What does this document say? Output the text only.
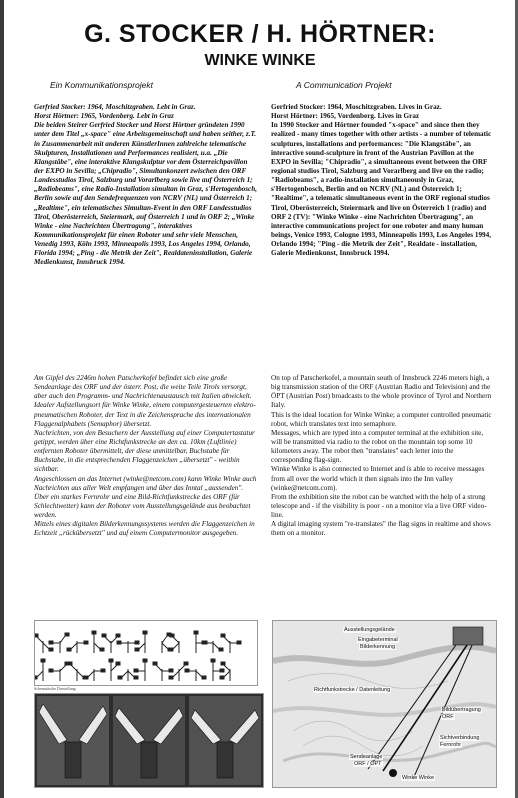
G. STOCKER / H. HÖRTNER:
WINKE WINKE
Ein Kommunikationsprojekt	A Communication Projekt

Gerfried Stocker: 1964, Moschitzgraben. Lebt in Graz.

Horst Hörtner: 1965, Vordenberg. Lebt in Graz

Die beiden Steirer Gerfried Stocker und Horst Hörtner gründeten 1990 unter dem Titel „x-space" eine Arbeitsgemeinschaft und haben seither, z.T. in Zusammenarbeit mit anderen KünstlerInnen zahlreiche telematische Skulpturen, Installationen und Performances realisiert, u.a. „Die Klangstäbe", eine interaktive Klangskulptur vor dem Österreichpavillon der EXPO in Sevilla; „Chipradio", Simultankonzert zwischen den ORF Landesstudios Tirol, Salzburg und Vorarlberg sowie live auf Österreich 1; „Radiobeams", eine Radio-Installation simultan in Graz, s'Hertogenbosch, Berlin sowie auf den Sendefrequenzen von NCRV (NL) und Österreich 1; „Realtime", ein telematisches Simultan-Event in den ORF Landesstudios Tirol, Oberösterreich, Steiermark, auf Österreich 1 und in ORF 2; „Winke Winke - eine Nachrichten Übertragung", interaktives Kommunikationsprojekt für einen Roboter und sehr viele Menschen, Venedig 1993, Köln 1993, Minneapolis 1993, Los Angeles 1994, Orlando, Florida 1994; „Ping - die Metrik der Zeit", Realdateninstallation, Galerie Medienkunst, Innsbruck 1994.

Gerfried Stocker: 1964, Moschitzgraben. Lives in Graz.

Horst Hörtner: 1965, Vordenberg. Lives in Graz

In 1990 Stocker and Hörtner founded "x-space" and since then they realized - many times together with other artists - a number of telematic sculptures, installations and performances: "Die Klangstäbe", an interactive sound-sculpture in front of the Austrian Pavillon at the EXPO in Sevilla; "Chipradio", a simultaneous event between the ORF regional studios Tirol, Salzburg and Vorarlberg and live on the radio; "Radiobeams", a radio-installation simultaneously in Graz, s'Hertogenbosch, Berlin and on NCRV (NL) and Österreich 1; "Realtime", a telematic simultaneous event in the ORF regional studios Tirol, Oberösterreich, Steiermark and live on Österreich 1 (radio) and ORF 2 (TV): "Winke Winke - eine Nachrichten Übertragung", an interactive communications project for one roboter and many human beings, Venice 1993, Cologne 1993, Minneapolis 1993, Los Angeles 1994, Orlando 1994; "Ping - die Metrik der Zeit", Realdate - installation, Galerie Medienkunst, Innsbruck 1994.

Am Gipfel des 2246m hohen Patscherkofel befindet sich eine große Sendeanlage des ORF und der österr. Post, die weite Teile Tirols versorgt, aber auch den Programm- und Nachrichtenaustausch mit Italien abwickelt.

Idealer Aufstellungsort für Winke Winke, einem computergesteuerten elektro-pneumatischen Roboter, der Text in die Zeichensprache des internationalen Flaggenalphabets (Semaphor) übersetzt.

Nachrichten, von den Besuchern der Ausstellung auf einer Computertastatur getippt, werden über eine Richtfunkstrecke an den ca. 10km (Luftlinie) entfernten Roboter übermittelt, der diese unmittelbar, Buchstabe für Buchstabe, in die entsprechenden Flaggenzeichen „übersetzt" - weithin sichtbar.

Angeschlossen an das Internet (winke@netcom.com) kann Winke Winke auch Nachrichten aus aller Welt empfangen und über das Inntal „aussenden".

Über ein starkes Fernrohr und eine Bild-Richtfunkstrecke des ORF (für Schlechtwetter) kann der Roboter vom Ausstellungsgelände aus beobachtet werden.

Mittels eines digitalen Bilderkennungssystems werden die Flaggenzeichen in Echtzeit „rückübersetzt" und auf einem Computermonitor ausgegeben.

On top of Patscherkofel, a mountain south of Innsbruck 2246 meters high, a big transmission station of the ORF (Austrian Radio and Television) and the ÖPT (Austrian Post) broadcasts to the whole province of Tyrol and Northern Italy.

This is the ideal location for Winke Winke; a computer controlled pneumatic robot, which translates text into semaphore.

Messages, which are typed into a computer terminal at the exhibition site, will be transmitted via radio to the robot on the mountain top some 10 kilometers away. The robot then "translates" each letter into the corresponding flag-sign.

Winke Winke is also connected to Internet and is able to receive messages from all over the world which it then signals into the Inn valley (winke@netcom.com).

From the exhibition site the robot can be watched with the help of a strong telescope and - if the visibility is poor - on a monitor via a live ORF video-line.

A digital imaging system "re-translates" the flag signs in realtime and shows them on a monitor.

Schematische Darstellung
Ausstellungsgelände
Eingabeterminal
Bilderkennung
Richtfunkstrecke / Datenleitung
Bildübertragung
ORF
Sichtverbindung
Fernrohr
Sendeanlage
ORF / ÖPT
Winke Winke
